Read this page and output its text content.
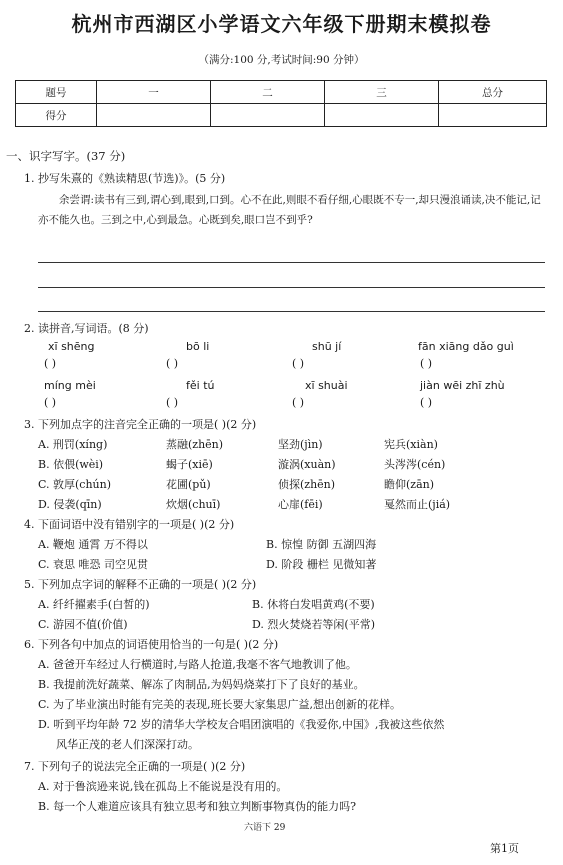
杭州市西湖区小学语文六年级下册期末模拟卷
（满分:100 分,考试时间:90 分钟）
题号	一	二	三	总分
得分				
一、识字写字。(37 分)
1. 抄写朱熹的《熟读精思(节选)》。(5 分)
余尝谓:读书有三到,谓心到,眼到,口到。心不在此,则眼不看仔细,心眼既不专一,却只漫浪诵读,决不能记,记亦不能久也。三到之中,心到最急。心既到矣,眼口岂不到乎?
2. 读拼音,写词语。(8 分)
xī shēng	bō li	shū jí	fān xiāng dǎo guì
( )	( )	( )	( )
míng mèi	fěi tú	xī shuài	jiàn wēi zhī zhù
( )	( )	( )	( )
3. 下列加点字的注音完全正确的一项是( )(2 分)
A. 刑罚(xíng)	蒸融(zhēn)	坚劲(jìn)	宪兵(xiàn)
B. 依偎(wèi)	蝎子(xiē)	漩涡(xuàn)	头涔涔(cén)
C. 敦厚(chún)	花圃(pǔ)	侦探(zhēn)	瞻仰(zān)
D. 侵袭(qīn)	炊烟(chuī)	心扉(fēi)	戛然而止(jiá)
4. 下面词语中没有错别字的一项是( )(2 分)
A. 鞭炮 通霄 万不得以	B. 惊惶 防御 五湖四海
C. 衰思 唯恐 司空见贯	D. 阶段 栅栏 见微知著
5. 下列加点字词的解释不正确的一项是( )(2 分)
A. 纤纤擢素手(白皙的)	B. 休将白发唱黄鸡(不要)
C. 游园不值(价值)	D. 烈火焚烧若等闲(平常)
6. 下列各句中加点的词语使用恰当的一句是( )(2 分)
A. 爸爸开车经过人行横道时,与路人抢道,我毫不客气地教训了他。
B. 我提前洗好蔬菜、解冻了肉制品,为妈妈烧菜打下了良好的基业。
C. 为了毕业演出时能有完美的表现,班长要大家集思广益,想出创新的花样。
D. 听到平均年龄 72 岁的清华大学校友合唱团演唱的《我爱你,中国》,我被这些依然
风华正茂的老人们深深打动。
7. 下列句子的说法完全正确的一项是( )(2 分)
A. 对于鲁滨逊来说,钱在孤岛上不能说是没有用的。
B. 每一个人难道应该具有独立思考和独立判断事物真伪的能力吗?
六语下 29
第1页
